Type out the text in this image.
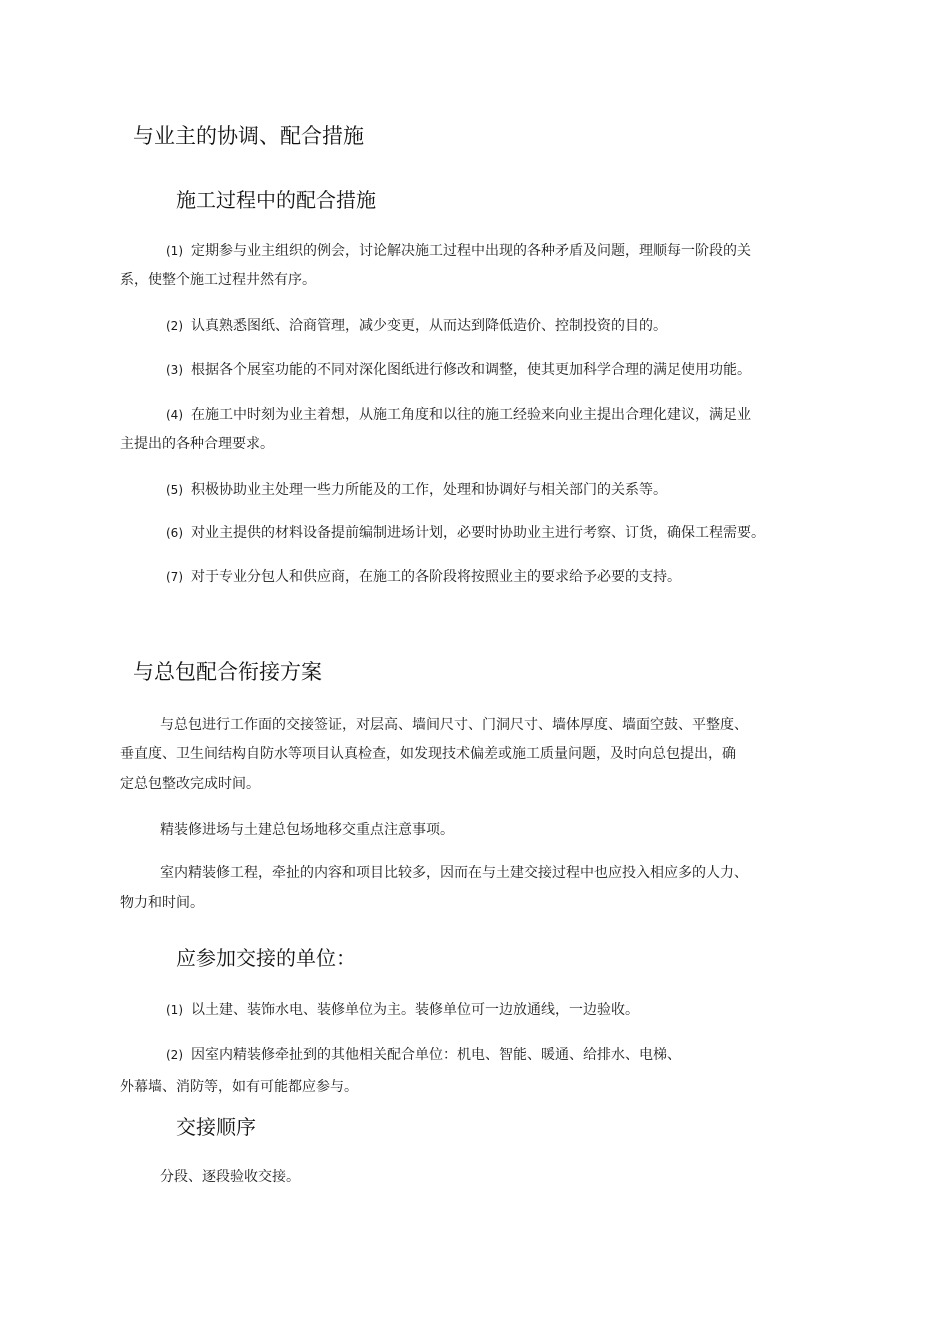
与业主的协调、配合措施
施工过程中的配合措施

(1) 定期参与业主组织的例会，讨论解决施工过程中出现的各种矛盾及问题，理顺每一阶段的关

系，使整个施工过程井然有序。

(2) 认真熟悉图纸、洽商管理，减少变更，从而达到降低造价、控制投资的目的。

(3) 根据各个展室功能的不同对深化图纸进行修改和调整，使其更加科学合理的满足使用功能。

(4) 在施工中时刻为业主着想，从施工角度和以往的施工经验来向业主提出合理化建议，满足业

主提出的各种合理要求。

(5) 积极协助业主处理一些力所能及的工作，处理和协调好与相关部门的关系等。

(6) 对业主提供的材料设备提前编制进场计划，必要时协助业主进行考察、订货，确保工程需要。

(7) 对于专业分包人和供应商，在施工的各阶段将按照业主的要求给予必要的支持。

与总包配合衔接方案

与总包进行工作面的交接签证，对层高、墙间尺寸、门洞尺寸、墙体厚度、墙面空鼓、平整度、

垂直度、卫生间结构自防水等项目认真检查，如发现技术偏差或施工质量问题，及时向总包提出，确

定总包整改完成时间。

精装修进场与土建总包场地移交重点注意事项。

室内精装修工程，牵扯的内容和项目比较多，因而在与土建交接过程中也应投入相应多的人力、

物力和时间。

应参加交接的单位：

(1) 以土建、装饰水电、装修单位为主。装修单位可一边放通线，一边验收。

(2) 因室内精装修牵扯到的其他相关配合单位：机电、智能、暖通、给排水、电梯、

外幕墙、消防等，如有可能都应参与。

交接顺序

分段、逐段验收交接。
